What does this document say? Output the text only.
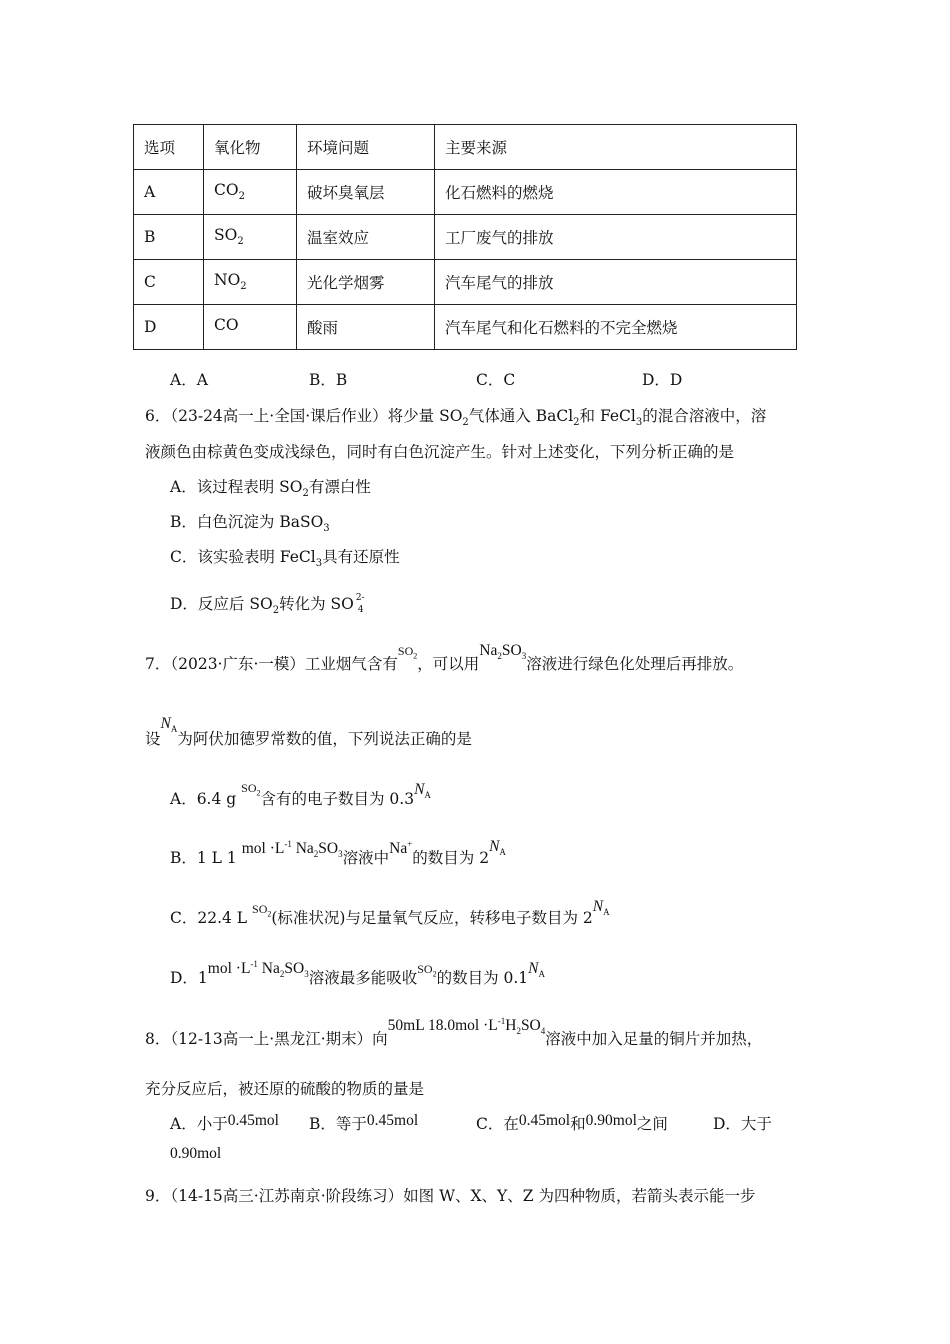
选项	氧化物	环境问题	主要来源
A	$CO_2$	破坏臭氧层	化石燃料的燃烧
B	$SO_2$	温室效应	工厂废气的排放
C	$NO_2$	光化学烟雾	汽车尾气的排放
D	CO	酸雨	汽车尾气和化石燃料的不完全燃烧
A．A	B．B	C．C	D．D
6．（23-24高一上·全国·课后作业）将少量 $SO_2$气体通入 BaCl$_2$和 FeCl$_3$的混合溶液中，溶
液颜色由棕黄色变成浅绿色，同时有白色沉淀产生。针对上述变化，下列分析正确的是
A．该过程表明 $SO_2$有漂白性
B．白色沉淀为 BaSO$_3$
C．该实验表明 FeCl$_3$具有还原性
D．反应后 $SO_2$转化为 SO 2-
4
7．（2023·广东·一模）工业烟气含有$^{SO_2}$，可以用$Na_2SO_3$溶液进行绿色化处理后再排放。
设$N_A$为阿伏加德罗常数的值，下列说法正确的是
A．6.4 g $^{SO_2}$含有的电子数目为 $0.3N_A$
B．1 L 1 mol $\cdot L^{-1}$ $Na_2SO_3$溶液中Na+的数目为 $2N_A$
C．22.4 L $^{SO_2}$(标准状况)与足量氧气反应，转移电子数目为 $2N_A$
D．$1mol \cdot L^{-1}$ $Na_2SO_3$溶液最多能吸收$^{SO_2}$的数目为 $0.1N_A$
8．（12-13高一上·黑龙江·期末）向50mL $18.0mol \cdot L^{-1}H_2SO_4$溶液中加入足量的铜片并加热，
充分反应后，被还原的硫酸的物质的量是
A．小于0.45mol B．等于0.45mol	C．在0.45mol和0.90mol之间	D．大于
0.90mol
9．（14-15高三·江苏南京·阶段练习）如图 W、X、Y、Z 为四种物质，若箭头表示能一步
